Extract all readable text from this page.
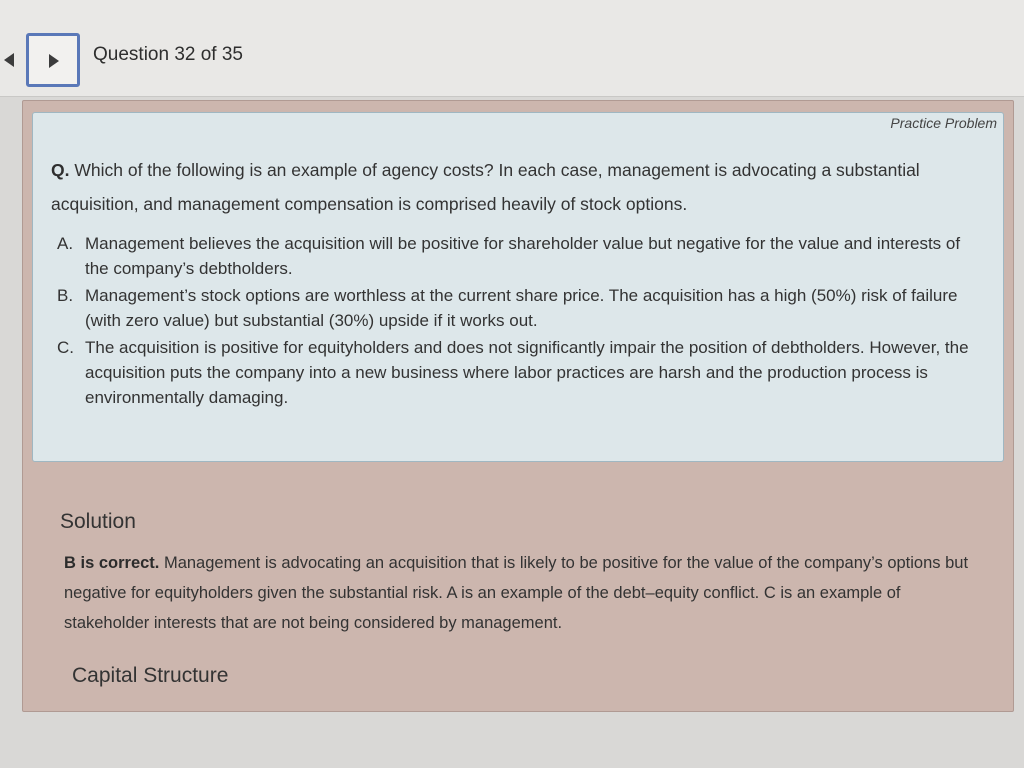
Question 32 of 35
Practice Problem
Q. Which of the following is an example of agency costs? In each case, management is advocating a substantial acquisition, and management compensation is comprised heavily of stock options.
A. Management believes the acquisition will be positive for shareholder value but negative for the value and interests of the company’s debtholders.
B. Management’s stock options are worthless at the current share price. The acquisition has a high (50%) risk of failure (with zero value) but substantial (30%) upside if it works out.
C. The acquisition is positive for equityholders and does not significantly impair the position of debtholders. However, the acquisition puts the company into a new business where labor practices are harsh and the production process is environmentally damaging.
Solution
B is correct. Management is advocating an acquisition that is likely to be positive for the value of the company’s options but negative for equityholders given the substantial risk. A is an example of the debt–equity conflict. C is an example of stakeholder interests that are not being considered by management.
Capital Structure
